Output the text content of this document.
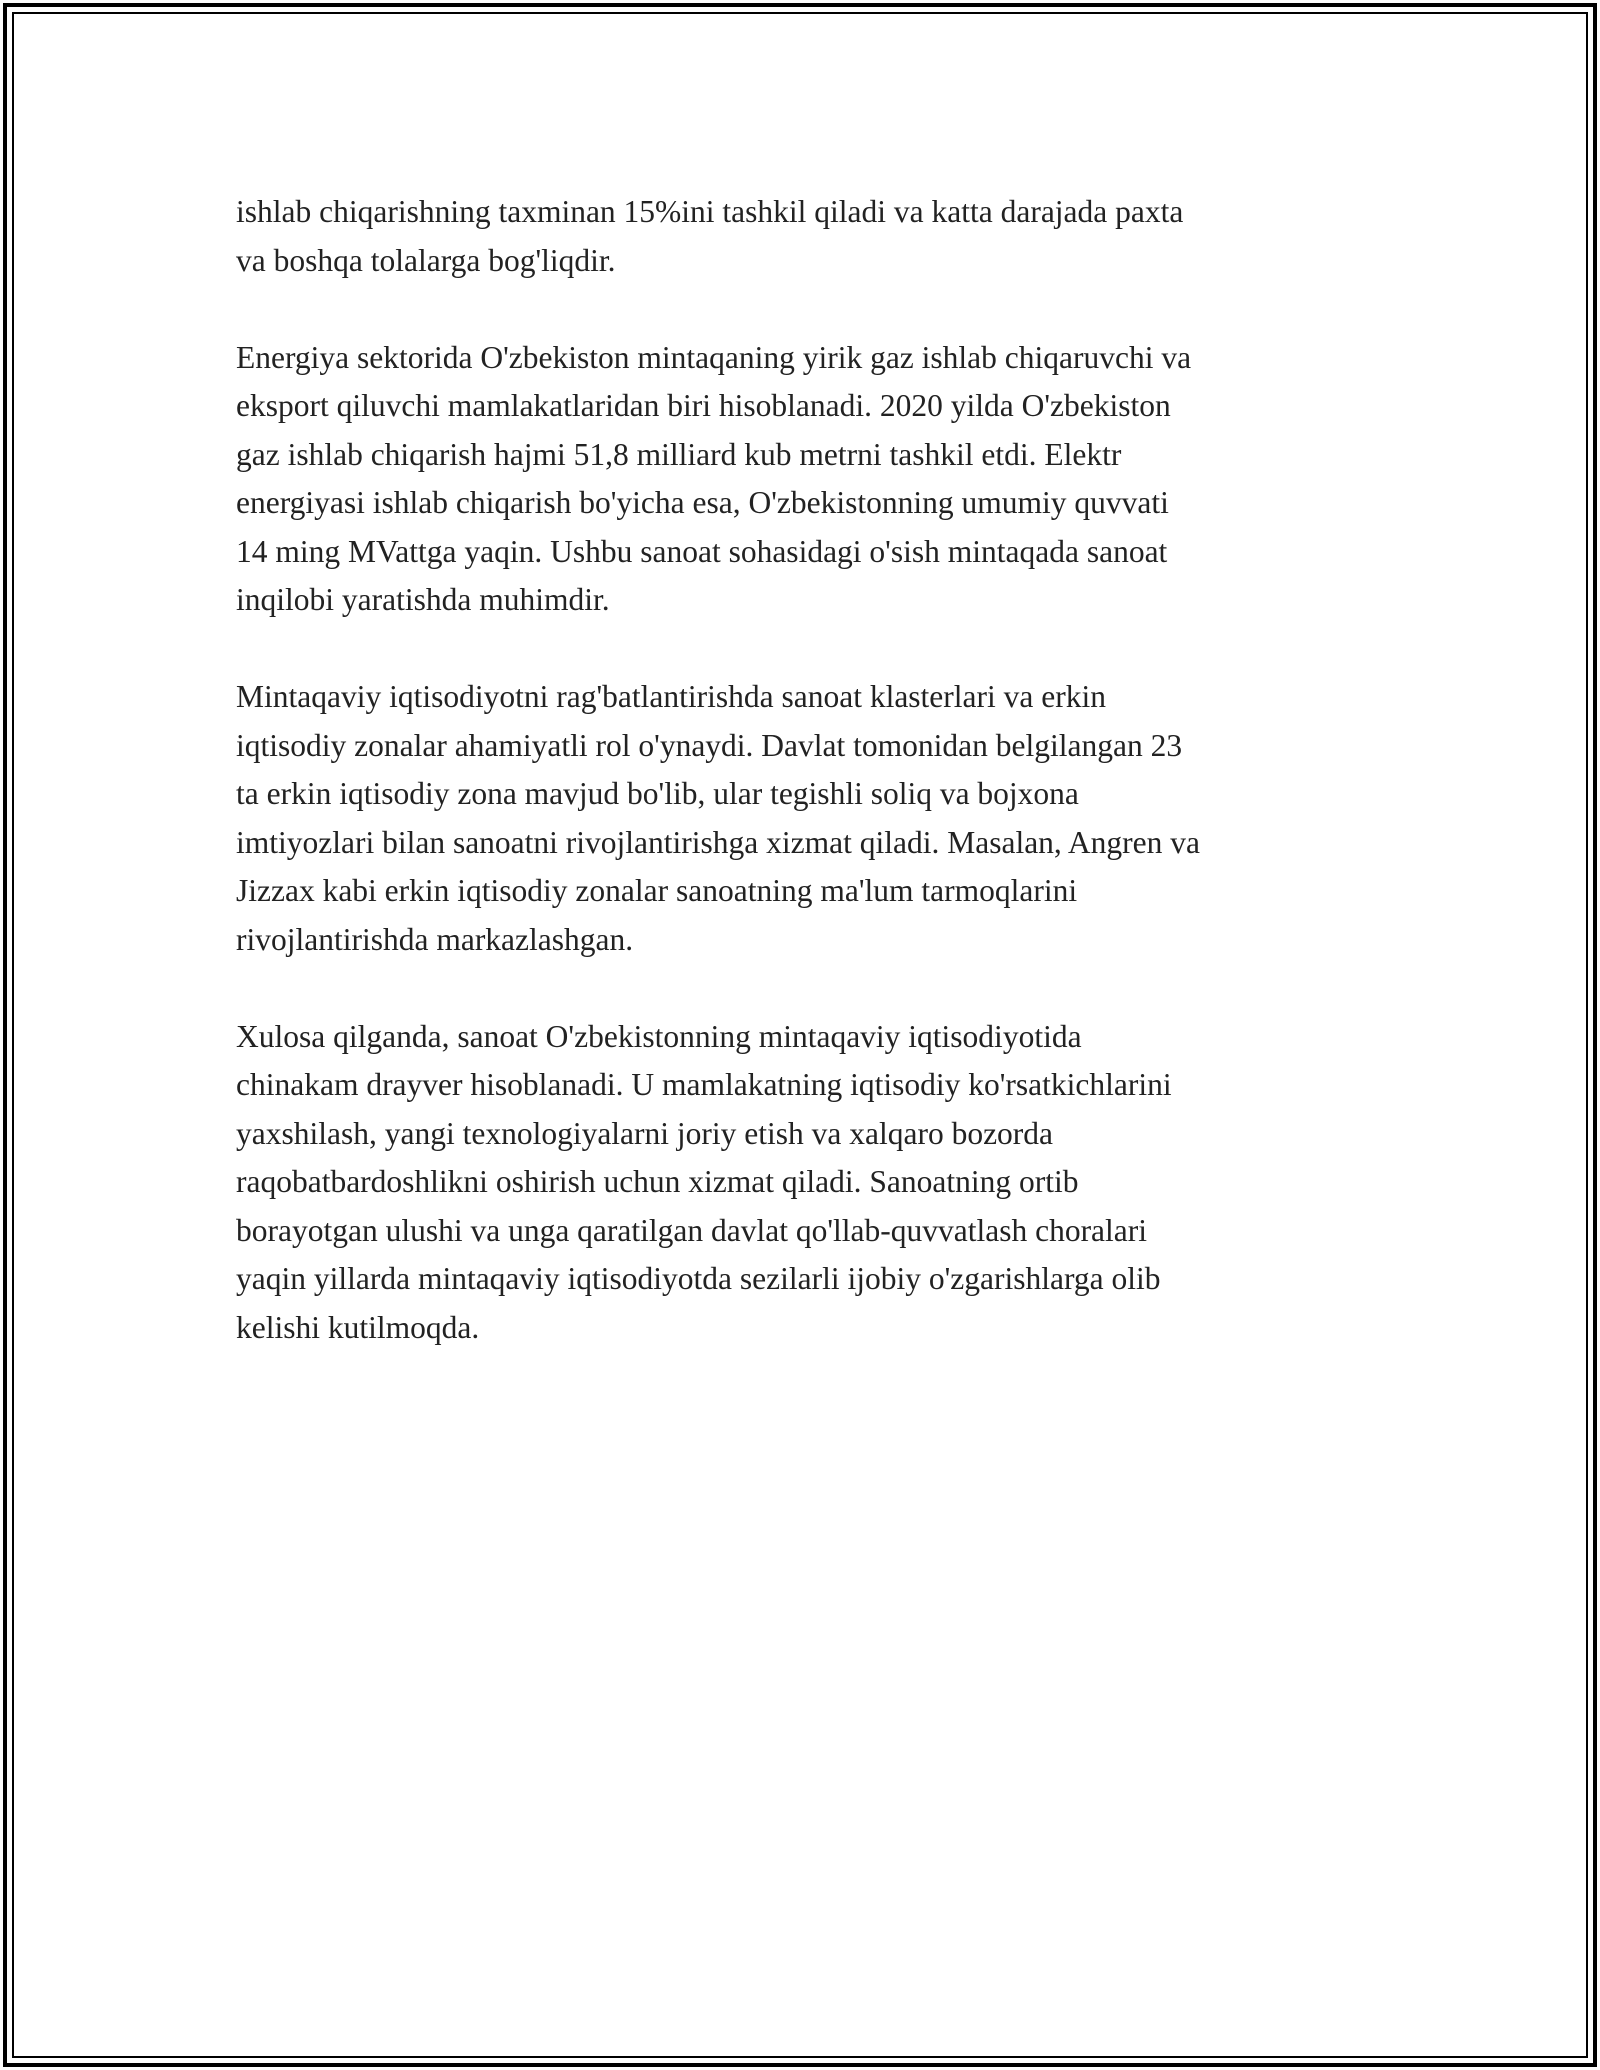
ishlab chiqarishning taxminan 15%ini tashkil qiladi va katta darajada paxta
va boshqa tolalarga bog'liqdir.

Energiya sektorida O'zbekiston mintaqaning yirik gaz ishlab chiqaruvchi va
eksport qiluvchi mamlakatlaridan biri hisoblanadi. 2020 yilda O'zbekiston
gaz ishlab chiqarish hajmi 51,8 milliard kub metrni tashkil etdi. Elektr
energiyasi ishlab chiqarish bo'yicha esa, O'zbekistonning umumiy quvvati
14 ming MVattga yaqin. Ushbu sanoat sohasidagi o'sish mintaqada sanoat
inqilobi yaratishda muhimdir.

Mintaqaviy iqtisodiyotni rag'batlantirishda sanoat klasterlari va erkin
iqtisodiy zonalar ahamiyatli rol o'ynaydi. Davlat tomonidan belgilangan 23
ta erkin iqtisodiy zona mavjud bo'lib, ular tegishli soliq va bojxona
imtiyozlari bilan sanoatni rivojlantirishga xizmat qiladi. Masalan, Angren va
Jizzax kabi erkin iqtisodiy zonalar sanoatning ma'lum tarmoqlarini
rivojlantirishda markazlashgan.

Xulosa qilganda, sanoat O'zbekistonning mintaqaviy iqtisodiyotida
chinakam drayver hisoblanadi. U mamlakatning iqtisodiy ko'rsatkichlarini
yaxshilash, yangi texnologiyalarni joriy etish va xalqaro bozorda
raqobatbardoshlikni oshirish uchun xizmat qiladi. Sanoatning ortib
borayotgan ulushi va unga qaratilgan davlat qo'llab-quvvatlash choralari
yaqin yillarda mintaqaviy iqtisodiyotda sezilarli ijobiy o'zgarishlarga olib
kelishi kutilmoqda.
